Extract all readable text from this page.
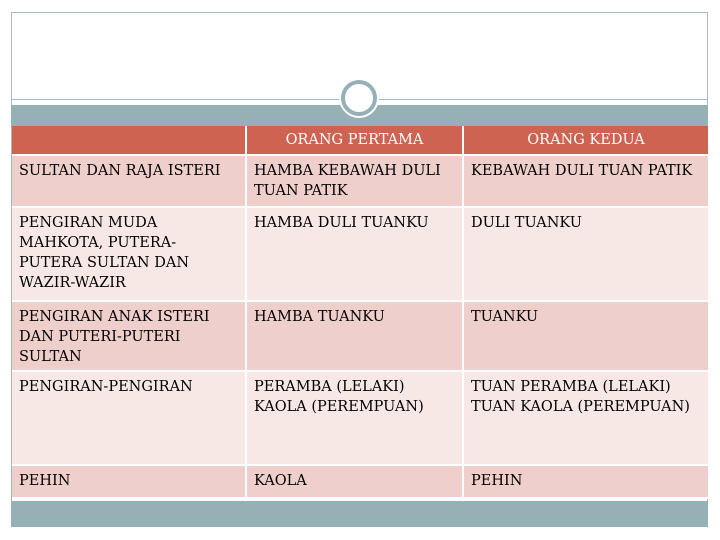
	ORANG PERTAMA	ORANG KEDUA
SULTAN DAN RAJA ISTERI	HAMBA KEBAWAH DULI TUAN PATIK	KEBAWAH DULI TUAN PATIK
PENGIRAN MUDA MAHKOTA, PUTERA-PUTERA SULTAN DAN WAZIR-WAZIR	HAMBA DULI TUANKU	DULI TUANKU
PENGIRAN ANAK ISTERI DAN PUTERI-PUTERI SULTAN	HAMBA TUANKU	TUANKU
PENGIRAN-PENGIRAN	PERAMBA (LELAKI) KAOLA (PEREMPUAN)	TUAN PERAMBA (LELAKI) TUAN KAOLA (PEREMPUAN)
PEHIN	KAOLA	PEHIN
